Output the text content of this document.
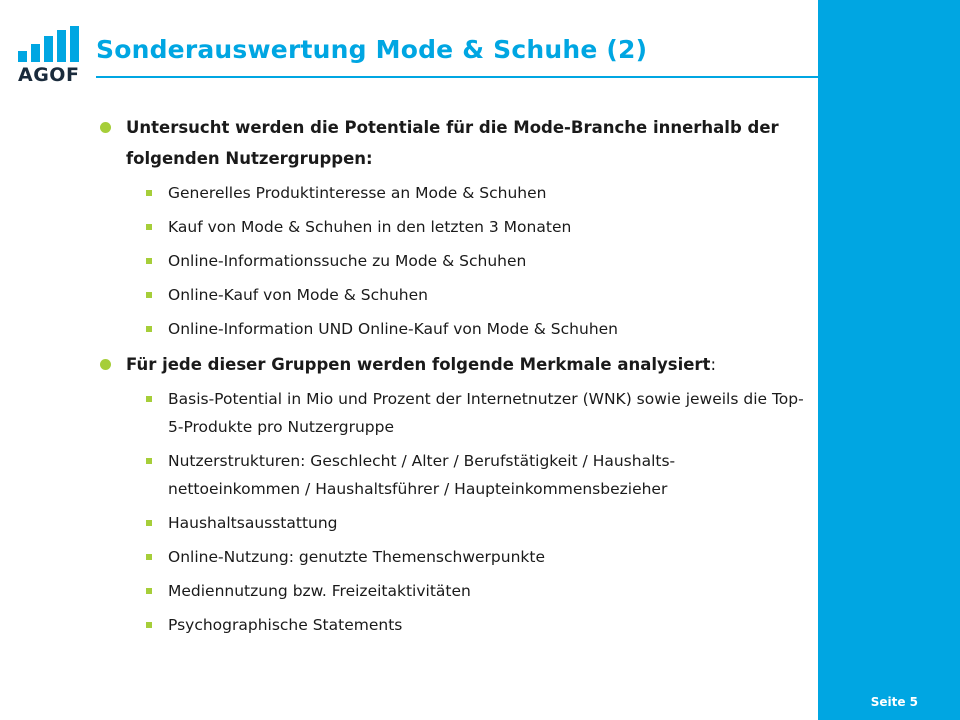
AGOF
Sonderauswertung Mode & Schuhe (2)
Untersucht werden die Potentiale für die Mode-Branche innerhalb der folgenden Nutzergruppen:
Generelles Produktinteresse an Mode & Schuhen
Kauf von Mode & Schuhen in den letzten 3 Monaten
Online-Informationssuche zu Mode & Schuhen
Online-Kauf von Mode & Schuhen
Online-Information UND Online-Kauf von Mode & Schuhen
Für jede dieser Gruppen werden folgende Merkmale analysiert:
Basis-Potential in Mio und Prozent der Internetnutzer (WNK) sowie jeweils die Top-5-Produkte pro Nutzergruppe
Nutzerstrukturen: Geschlecht / Alter / Berufstätigkeit / Haushalts-nettoeinkommen / Haushaltsführer / Haupteinkommensbezieher
Haushaltsausstattung
Online-Nutzung: genutzte Themenschwerpunkte
Mediennutzung bzw. Freizeitaktivitäten
Psychographische Statements
Seite 5
